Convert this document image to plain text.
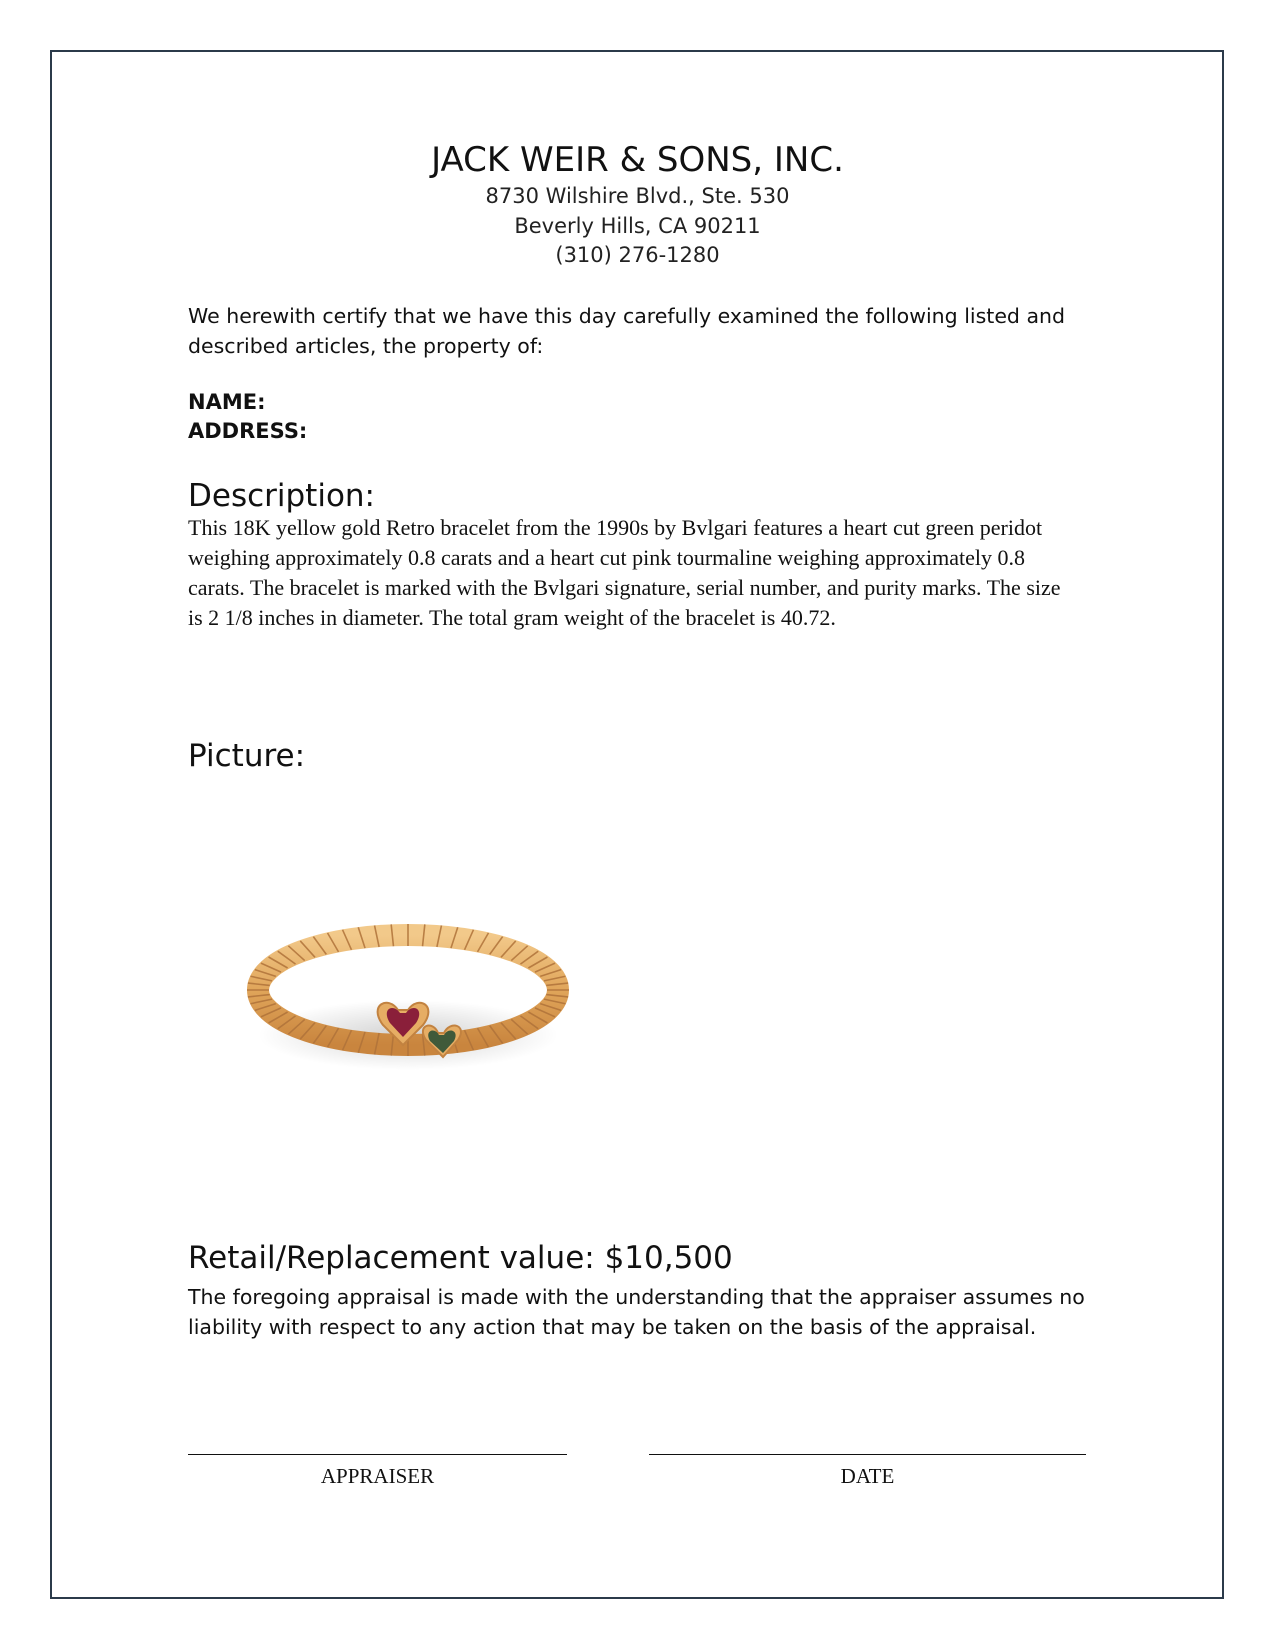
JACK WEIR & SONS, INC.
8730 Wilshire Blvd., Ste. 530
Beverly Hills, CA 90211
(310) 276-1280
We herewith certify that we have this day carefully examined the following listed and described articles, the property of:
NAME:
ADDRESS:
Description:
This 18K yellow gold Retro bracelet from the 1990s by Bvlgari features a heart cut green peridot weighing approximately 0.8 carats and a heart cut pink tourmaline weighing approximately 0.8 carats. The bracelet is marked with the Bvlgari signature, serial number, and purity marks. The size is 2 1/8 inches in diameter. The total gram weight of the bracelet is 40.72.
Picture:
Retail/Replacement value: $10,500
The foregoing appraisal is made with the understanding that the appraiser assumes no liability with respect to any action that may be taken on the basis of the appraisal.
APPRAISER	DATE
